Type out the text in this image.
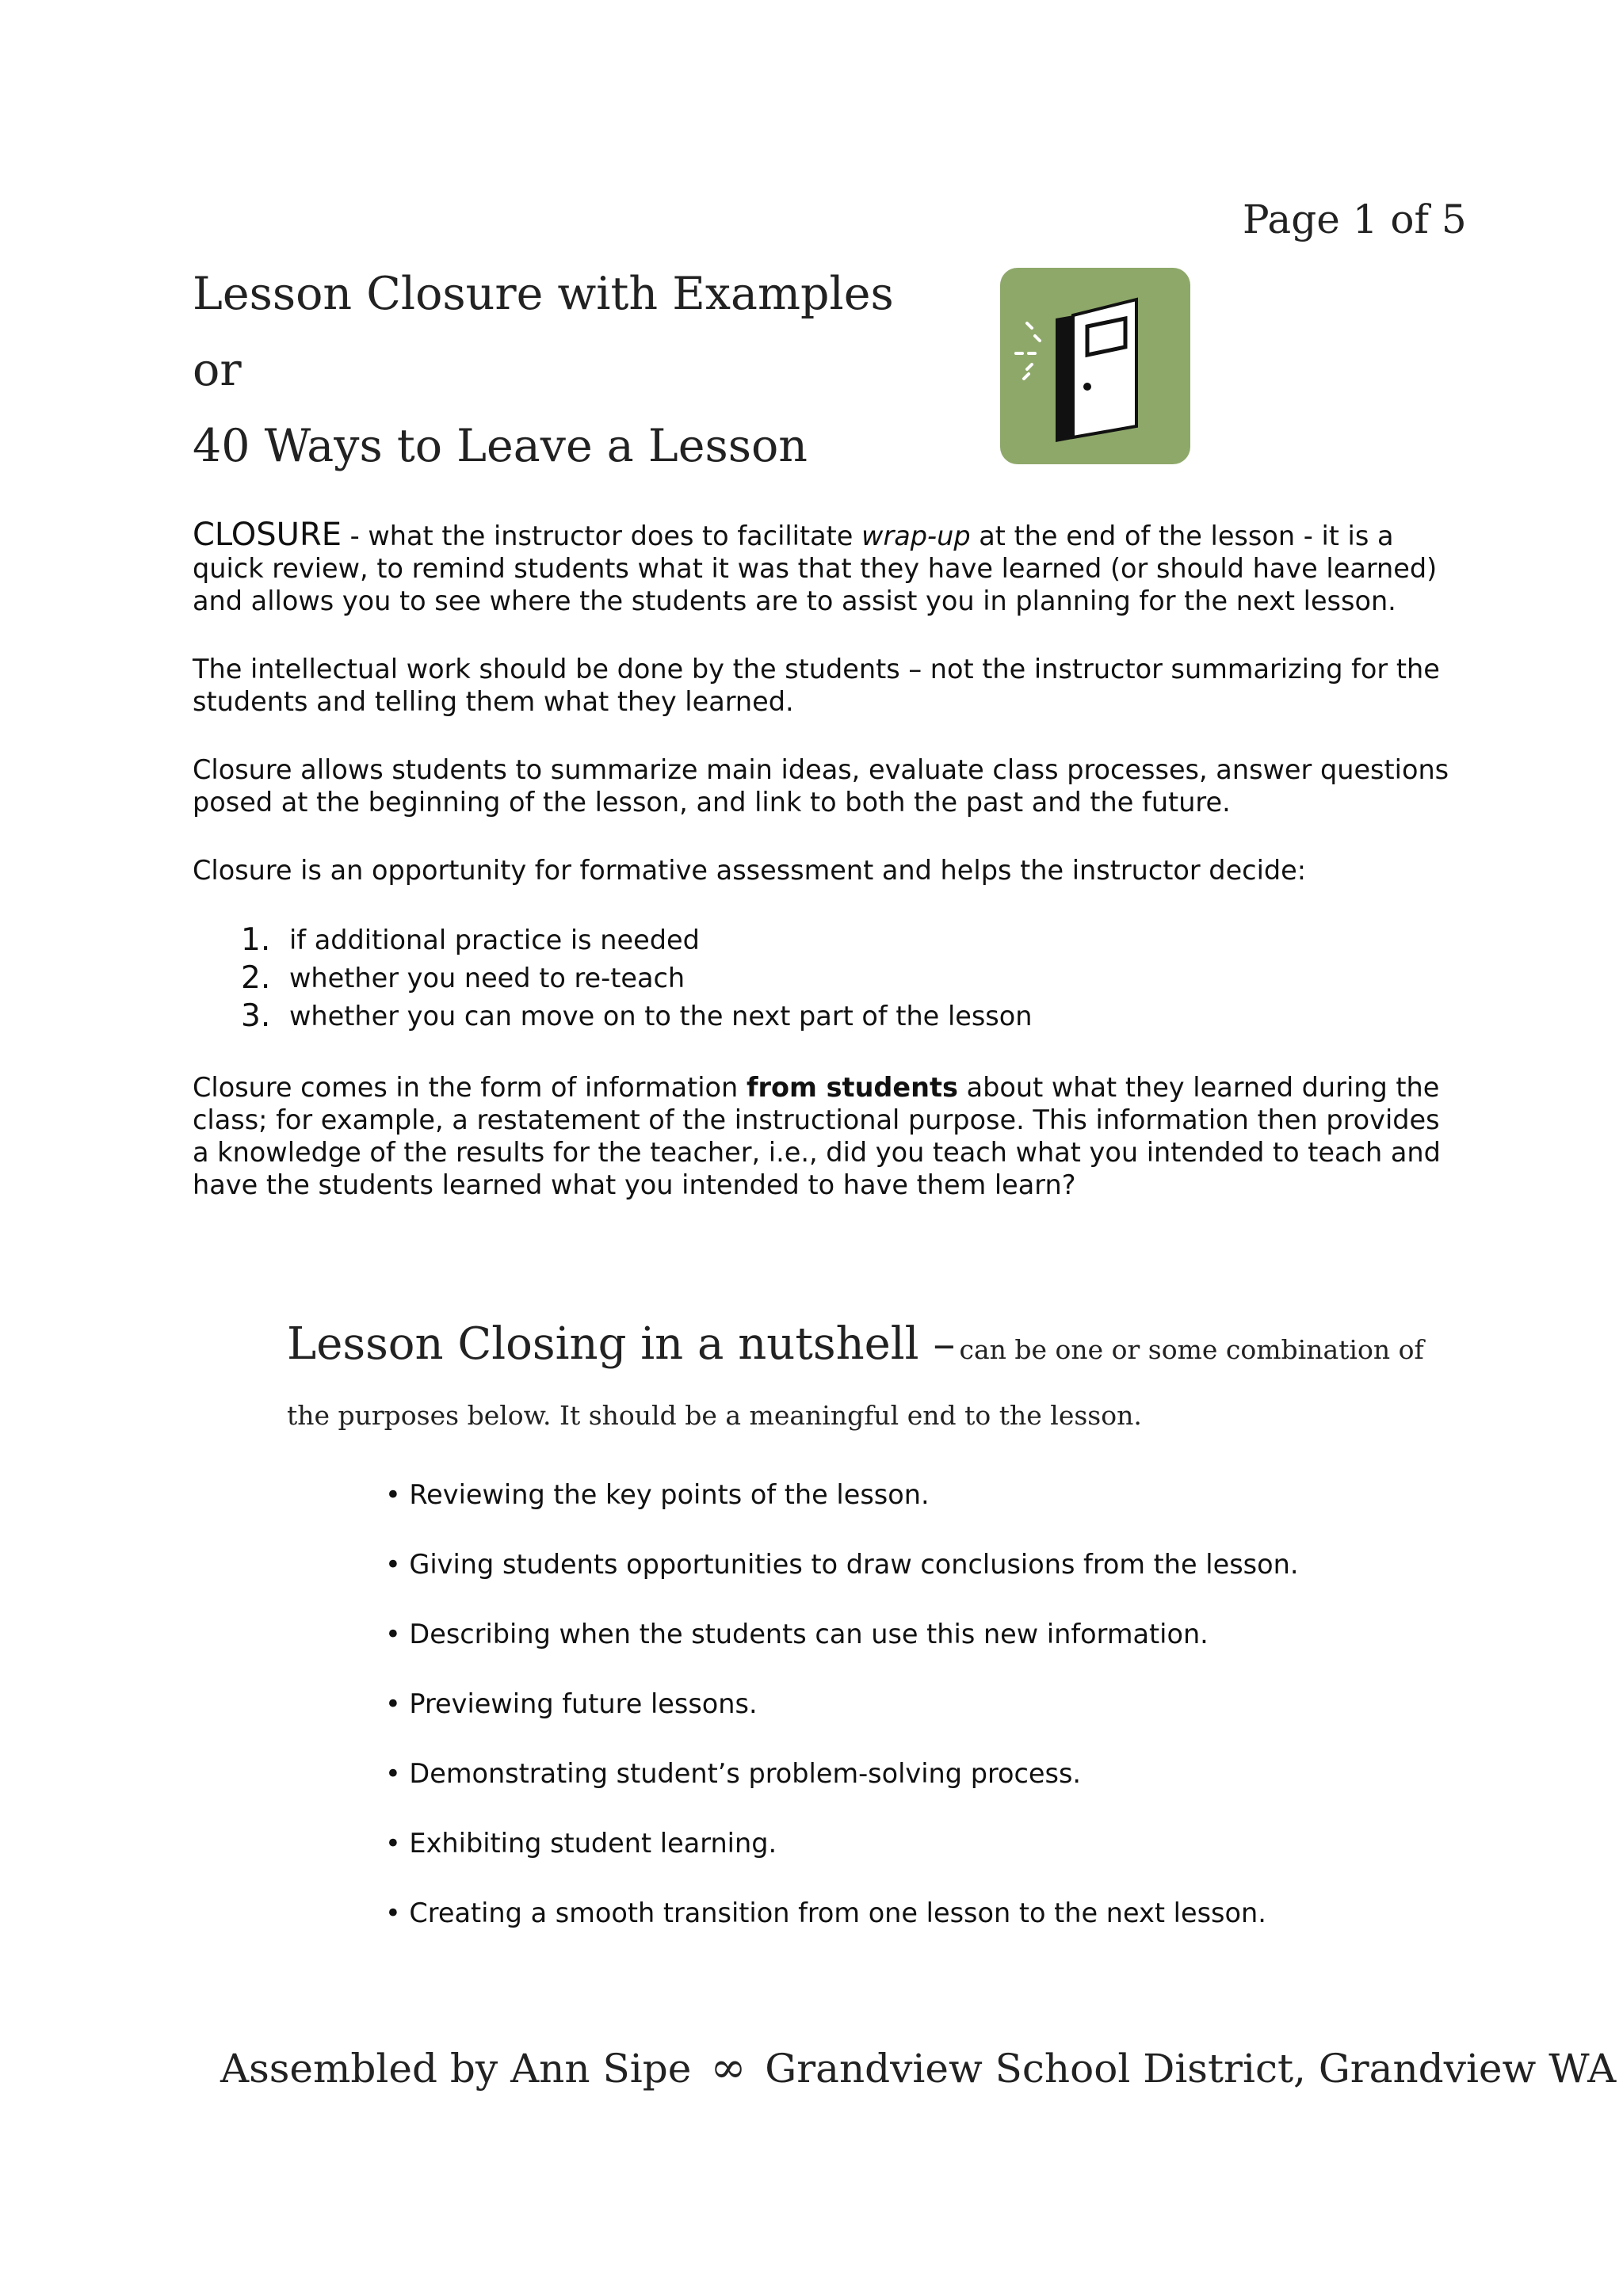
Page 1 of 5
Lesson Closure with Examples
or
40 Ways to Leave a Lesson

CLOSURE - what the instructor does to facilitate wrap-up at the end of the lesson - it is a quick review, to remind students what it was that they have learned (or should have learned) and allows you to see where the students are to assist you in planning for the next lesson.

The intellectual work should be done by the students – not the instructor summarizing for the students and telling them what they learned.

Closure allows students to summarize main ideas, evaluate class processes, answer questions posed at the beginning of the lesson, and link to both the past and the future.

Closure is an opportunity for formative assessment and helps the instructor decide:

1. if additional practice is needed
2. whether you need to re-teach
3. whether you can move on to the next part of the lesson

Closure comes in the form of information from students about what they learned during the class; for example, a restatement of the instructional purpose. This information then provides a knowledge of the results for the teacher, i.e., did you teach what you intended to teach and have the students learned what you intended to have them learn?

Lesson Closing in a nutshell – can be one or some combination of
the purposes below. It should be a meaningful end to the lesson.
• Reviewing the key points of the lesson.
• Giving students opportunities to draw conclusions from the lesson.
• Describing when the students can use this new information.
• Previewing future lessons.
• Demonstrating student’s problem-solving process.
• Exhibiting student learning.
• Creating a smooth transition from one lesson to the next lesson.
Assembled by Ann Sipe ∞ Grandview School District, Grandview WA
